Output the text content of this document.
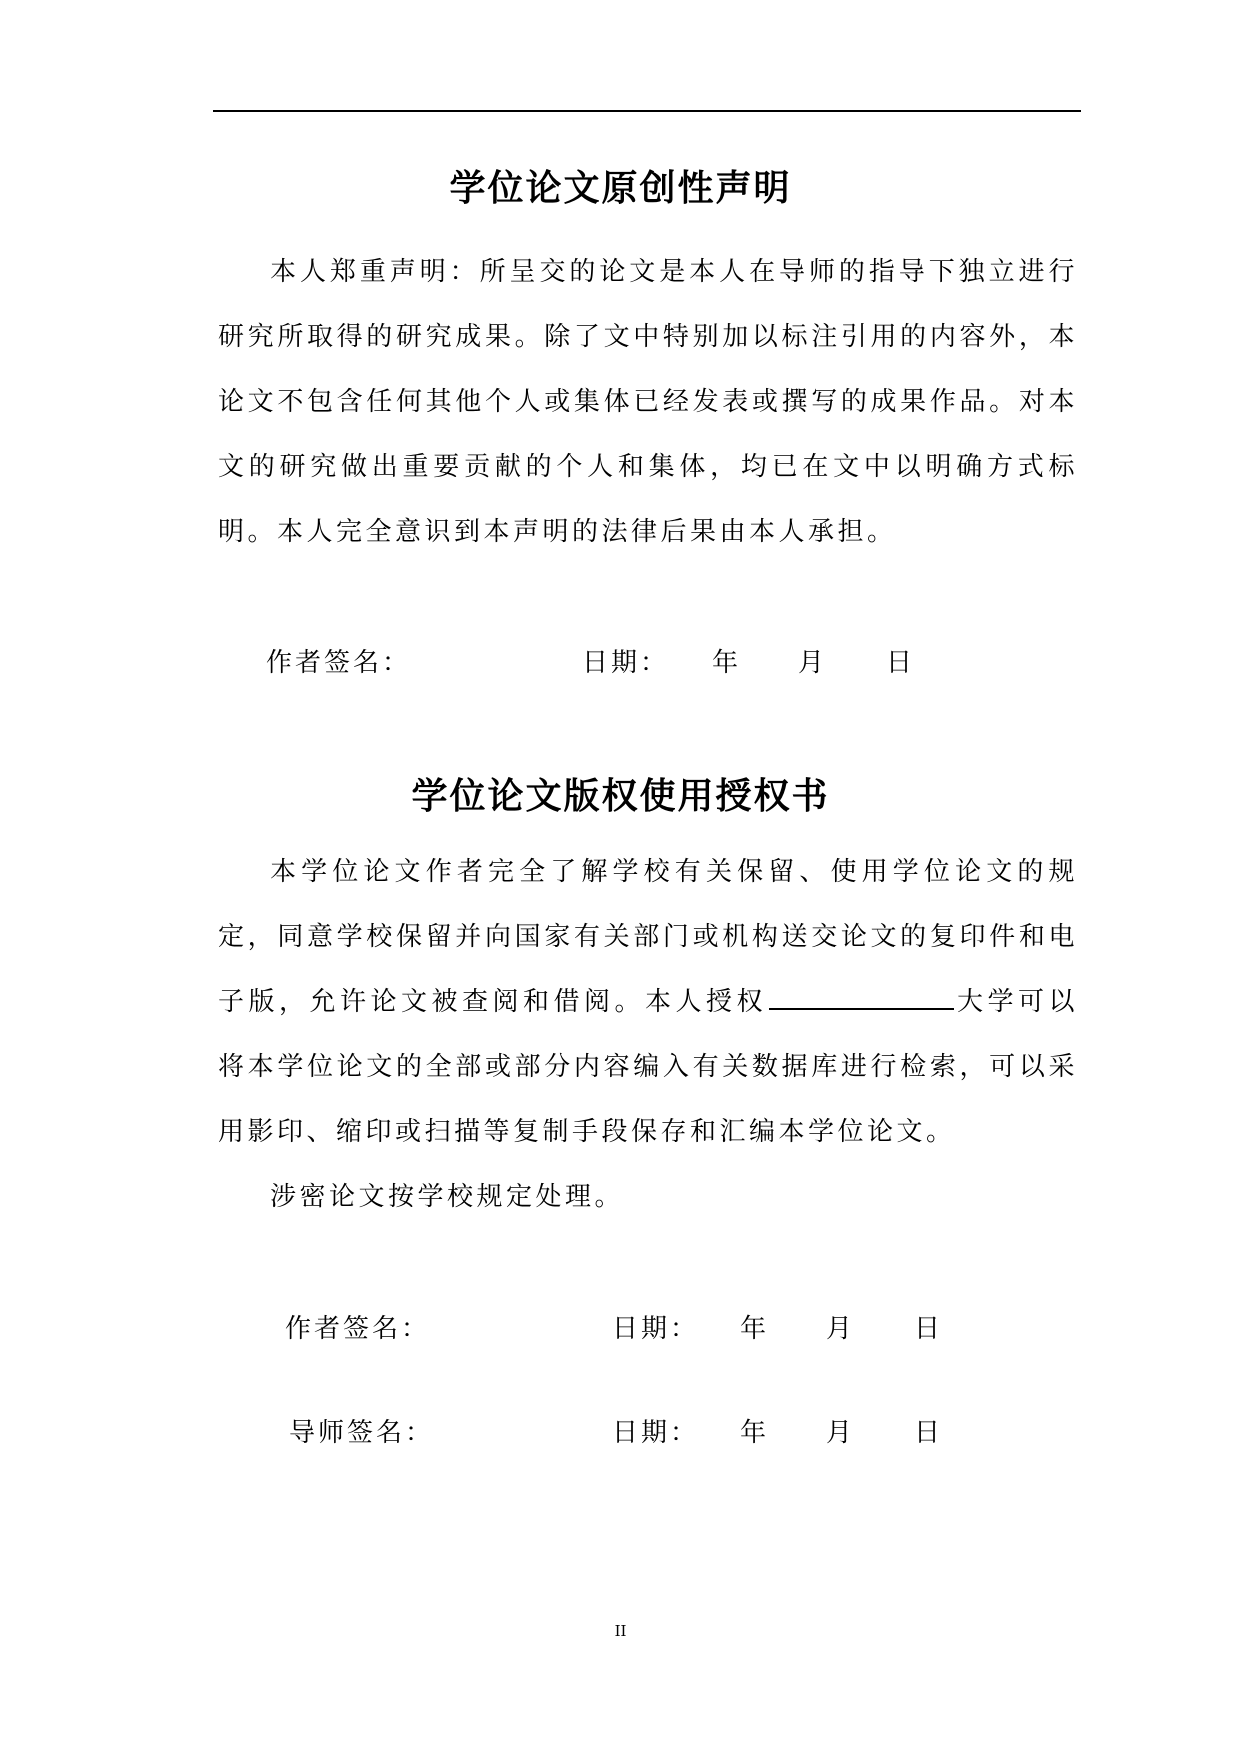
学位论文原创性声明

本人郑重声明：所呈交的论文是本人在导师的指导下独立进行研究所取得的研究成果。除了文中特别加以标注引用的内容外，本论文不包含任何其他个人或集体已经发表或撰写的成果作品。对本文的研究做出重要贡献的个人和集体，均已在文中以明确方式标明。本人完全意识到本声明的法律后果由本人承担。

作者签名：	日期： 年 月 日
学位论文版权使用授权书

本学位论文作者完全了解学校有关保留、使用学位论文的规定，同意学校保留并向国家有关部门或机构送交论文的复印件和电子版，允许论文被查阅和借阅。本人授权	大学可以将本学位论文的全部或部分内容编入有关数据库进行检索，可以采用影印、缩印或扫描等复制手段保存和汇编本学位论文。

涉密论文按学校规定处理。

作者签名：	日期： 年 月 日
导师签名：	日期： 年 月 日
II
